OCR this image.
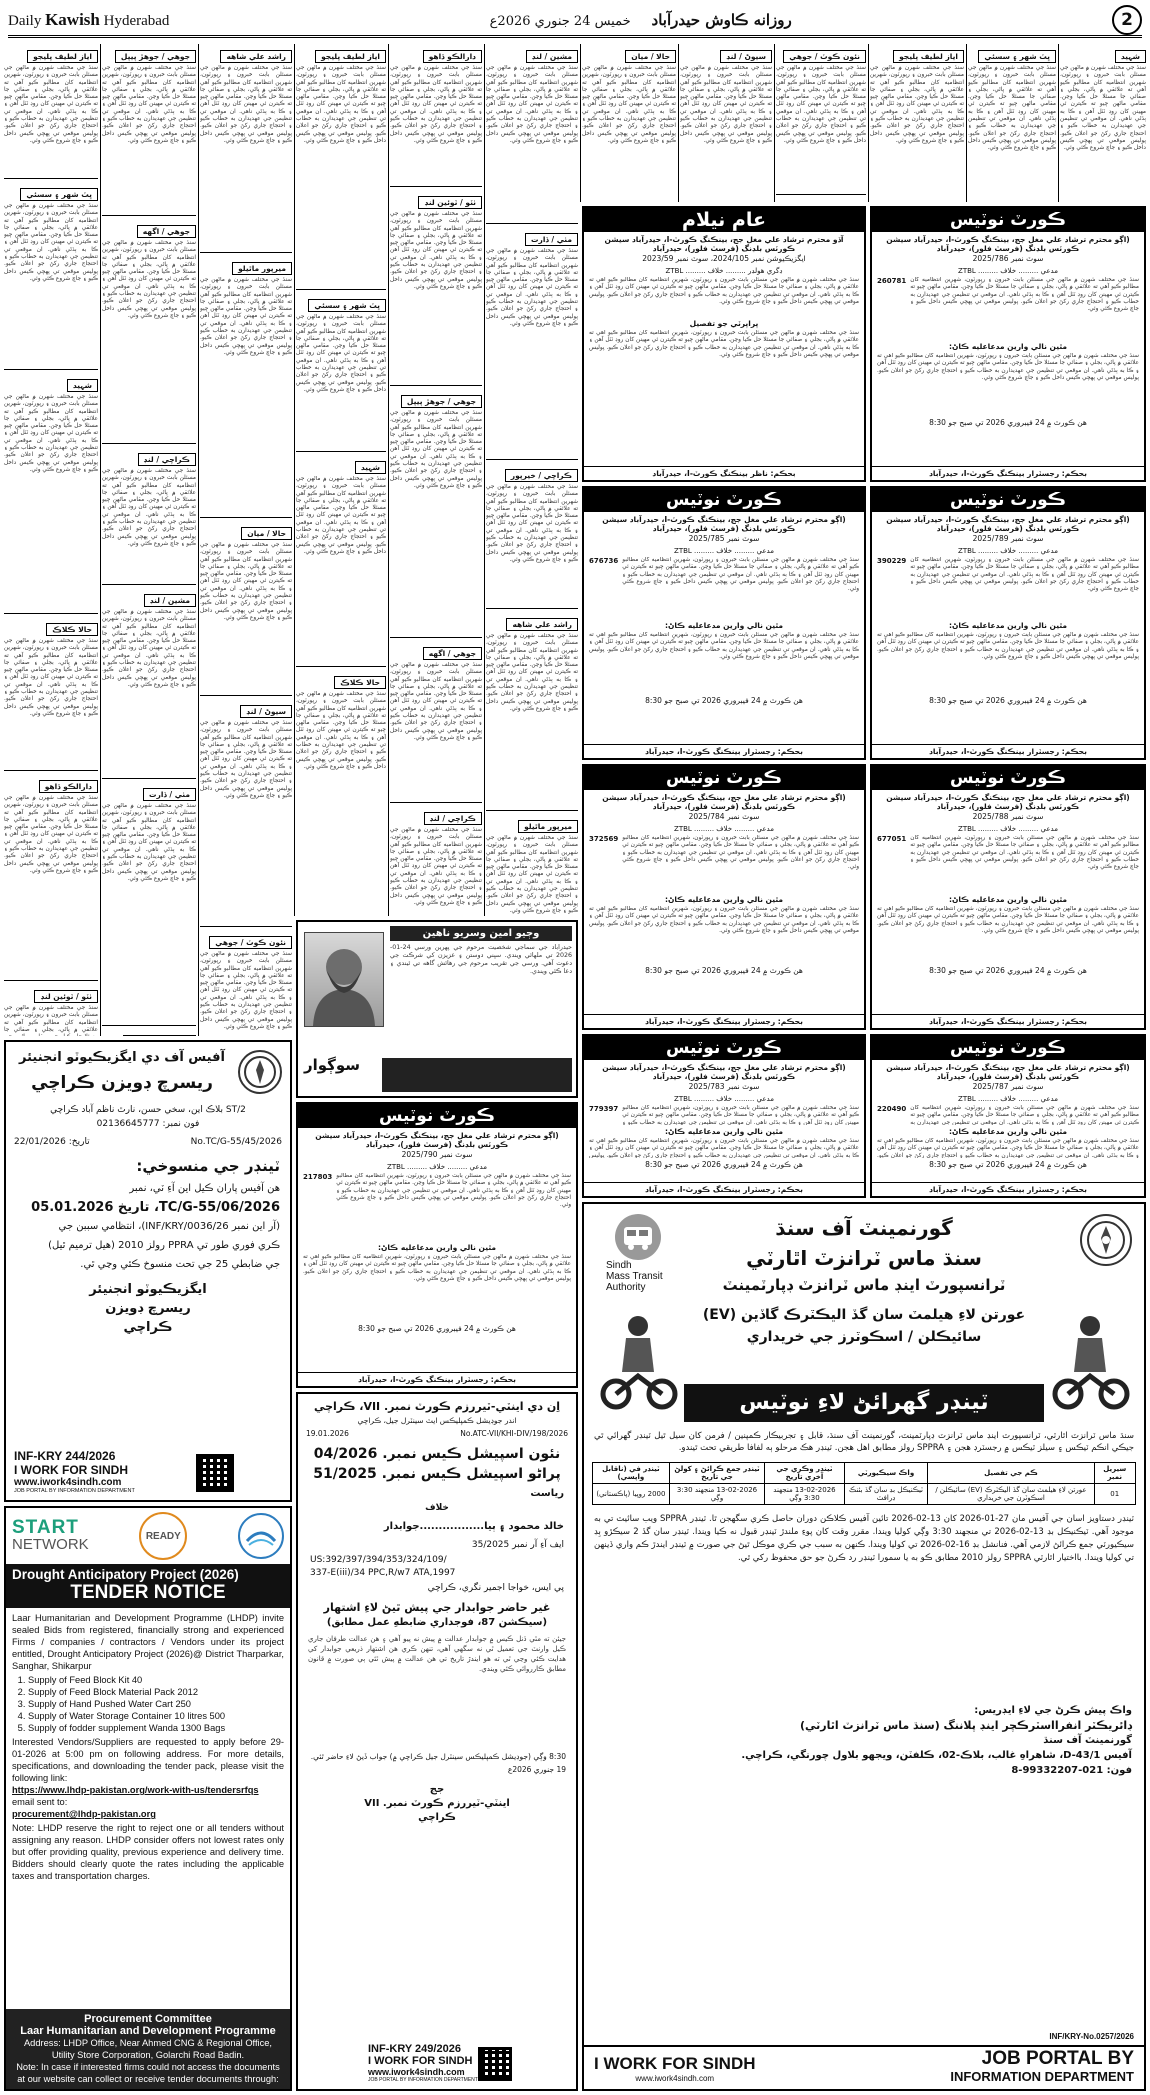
Daily Kawish Hyderabad	روزانه ڪاوش حيدرآباد    خميس 24 جنوري 2026ع	2
اياز لطيف پليجو
سنڌ جي مختلف شهرن ۾ ماڻهن جي مسئلن بابت خبرون ۽ رپورٽون، شهرين انتظاميه کان مطالبو ڪيو آهي ته علائقي ۾ پاڻي، بجلي ۽ صفائي جا مسئلا حل ڪيا وڃن. مقامي ماڻهن چيو ته ڪيترن ئي مهينن کان روڊ ٽٽل آهن ۽ ڪا به ٻڌڻي ناهي. ان موقعي تي تنظيمن جي عهديدارن به خطاب ڪيو ۽ احتجاج جاري رکڻ جو اعلان ڪيو. پوليس موقعي تي پهچي ڪيس داخل ڪيو ۽ جاچ شروع ڪئي وئي.
ڀٽ شهر ۽ سسئي
سنڌ جي مختلف شهرن ۾ ماڻهن جي مسئلن بابت خبرون ۽ رپورٽون، شهرين انتظاميه کان مطالبو ڪيو آهي ته علائقي ۾ پاڻي، بجلي ۽ صفائي جا مسئلا حل ڪيا وڃن. مقامي ماڻهن چيو ته ڪيترن ئي مهينن کان روڊ ٽٽل آهن ۽ ڪا به ٻڌڻي ناهي. ان موقعي تي تنظيمن جي عهديدارن به خطاب ڪيو ۽ احتجاج جاري رکڻ جو اعلان ڪيو. پوليس موقعي تي پهچي ڪيس داخل ڪيو ۽ جاچ شروع ڪئي وئي.
شہيد
سنڌ جي مختلف شهرن ۾ ماڻهن جي مسئلن بابت خبرون ۽ رپورٽون، شهرين انتظاميه کان مطالبو ڪيو آهي ته علائقي ۾ پاڻي، بجلي ۽ صفائي جا مسئلا حل ڪيا وڃن. مقامي ماڻهن چيو ته ڪيترن ئي مهينن کان روڊ ٽٽل آهن ۽ ڪا به ٻڌڻي ناهي. ان موقعي تي تنظيمن جي عهديدارن به خطاب ڪيو ۽ احتجاج جاري رکڻ جو اعلان ڪيو. پوليس موقعي تي پهچي ڪيس داخل ڪيو ۽ جاچ شروع ڪئي وئي.
حالا ڪلاڪ
سنڌ جي مختلف شهرن ۾ ماڻهن جي مسئلن بابت خبرون ۽ رپورٽون، شهرين انتظاميه کان مطالبو ڪيو آهي ته علائقي ۾ پاڻي، بجلي ۽ صفائي جا مسئلا حل ڪيا وڃن. مقامي ماڻهن چيو ته ڪيترن ئي مهينن کان روڊ ٽٽل آهن ۽ ڪا به ٻڌڻي ناهي. ان موقعي تي تنظيمن جي عهديدارن به خطاب ڪيو ۽ احتجاج جاري رکڻ جو اعلان ڪيو. پوليس موقعي تي پهچي ڪيس داخل ڪيو ۽ جاچ شروع ڪئي وئي.
دارالڪو ڏاهو
سنڌ جي مختلف شهرن ۾ ماڻهن جي مسئلن بابت خبرون ۽ رپورٽون، شهرين انتظاميه کان مطالبو ڪيو آهي ته علائقي ۾ پاڻي، بجلي ۽ صفائي جا مسئلا حل ڪيا وڃن. مقامي ماڻهن چيو ته ڪيترن ئي مهينن کان روڊ ٽٽل آهن ۽ ڪا به ٻڌڻي ناهي. ان موقعي تي تنظيمن جي عهديدارن به خطاب ڪيو ۽ احتجاج جاري رکڻ جو اعلان ڪيو. پوليس موقعي تي پهچي ڪيس داخل ڪيو ۽ جاچ شروع ڪئي وئي.
ٺٽو / ٽوئين لنڊ
سنڌ جي مختلف شهرن ۾ ماڻهن جي مسئلن بابت خبرون ۽ رپورٽون، شهرين انتظاميه کان مطالبو ڪيو آهي ته علائقي ۾ پاڻي، بجلي ۽ صفائي جا
جوهي / جوهڙ پيپل
سنڌ جي مختلف شهرن ۾ ماڻهن جي مسئلن بابت خبرون ۽ رپورٽون، شهرين انتظاميه کان مطالبو ڪيو آهي ته علائقي ۾ پاڻي، بجلي ۽ صفائي جا مسئلا حل ڪيا وڃن. مقامي ماڻهن چيو ته ڪيترن ئي مهينن کان روڊ ٽٽل آهن ۽ ڪا به ٻڌڻي ناهي. ان موقعي تي تنظيمن جي عهديدارن به خطاب ڪيو ۽ احتجاج جاري رکڻ جو اعلان ڪيو. پوليس موقعي تي پهچي ڪيس داخل ڪيو ۽ جاچ شروع ڪئي وئي.
جوهي / اگهه
سنڌ جي مختلف شهرن ۾ ماڻهن جي مسئلن بابت خبرون ۽ رپورٽون، شهرين انتظاميه کان مطالبو ڪيو آهي ته علائقي ۾ پاڻي، بجلي ۽ صفائي جا مسئلا حل ڪيا وڃن. مقامي ماڻهن چيو ته ڪيترن ئي مهينن کان روڊ ٽٽل آهن ۽ ڪا به ٻڌڻي ناهي. ان موقعي تي تنظيمن جي عهديدارن به خطاب ڪيو ۽ احتجاج جاري رکڻ جو اعلان ڪيو. پوليس موقعي تي پهچي ڪيس داخل ڪيو ۽ جاچ شروع ڪئي وئي.
ڪراچي / لنڊ
سنڌ جي مختلف شهرن ۾ ماڻهن جي مسئلن بابت خبرون ۽ رپورٽون، شهرين انتظاميه کان مطالبو ڪيو آهي ته علائقي ۾ پاڻي، بجلي ۽ صفائي جا مسئلا حل ڪيا وڃن. مقامي ماڻهن چيو ته ڪيترن ئي مهينن کان روڊ ٽٽل آهن ۽ ڪا به ٻڌڻي ناهي. ان موقعي تي تنظيمن جي عهديدارن به خطاب ڪيو ۽ احتجاج جاري رکڻ جو اعلان ڪيو. پوليس موقعي تي پهچي ڪيس داخل ڪيو ۽ جاچ شروع ڪئي وئي.
مشين / لنڊ
سنڌ جي مختلف شهرن ۾ ماڻهن جي مسئلن بابت خبرون ۽ رپورٽون، شهرين انتظاميه کان مطالبو ڪيو آهي ته علائقي ۾ پاڻي، بجلي ۽ صفائي جا مسئلا حل ڪيا وڃن. مقامي ماڻهن چيو ته ڪيترن ئي مهينن کان روڊ ٽٽل آهن ۽ ڪا به ٻڌڻي ناهي. ان موقعي تي تنظيمن جي عهديدارن به خطاب ڪيو ۽ احتجاج جاري رکڻ جو اعلان ڪيو. پوليس موقعي تي پهچي ڪيس داخل ڪيو ۽ جاچ شروع ڪئي وئي.
مٺي / ڏارت
سنڌ جي مختلف شهرن ۾ ماڻهن جي مسئلن بابت خبرون ۽ رپورٽون، شهرين انتظاميه کان مطالبو ڪيو آهي ته علائقي ۾ پاڻي، بجلي ۽ صفائي جا مسئلا حل ڪيا وڃن. مقامي ماڻهن چيو ته ڪيترن ئي مهينن کان روڊ ٽٽل آهن ۽ ڪا به ٻڌڻي ناهي. ان موقعي تي تنظيمن جي عهديدارن به خطاب ڪيو ۽ احتجاج جاري رکڻ جو اعلان ڪيو. پوليس موقعي تي پهچي ڪيس داخل ڪيو ۽ جاچ شروع ڪئي وئي.
راشد علي شاهه
سنڌ جي مختلف شهرن ۾ ماڻهن جي مسئلن بابت خبرون ۽ رپورٽون، شهرين انتظاميه کان مطالبو ڪيو آهي ته علائقي ۾ پاڻي، بجلي ۽ صفائي جا مسئلا حل ڪيا وڃن. مقامي ماڻهن چيو ته ڪيترن ئي مهينن کان روڊ ٽٽل آهن ۽ ڪا به ٻڌڻي ناهي. ان موقعي تي تنظيمن جي عهديدارن به خطاب ڪيو ۽ احتجاج جاري رکڻ جو اعلان ڪيو. پوليس موقعي تي پهچي ڪيس داخل ڪيو ۽ جاچ شروع ڪئي وئي.
ميرپور ماٿيلو
سنڌ جي مختلف شهرن ۾ ماڻهن جي مسئلن بابت خبرون ۽ رپورٽون، شهرين انتظاميه کان مطالبو ڪيو آهي ته علائقي ۾ پاڻي، بجلي ۽ صفائي جا مسئلا حل ڪيا وڃن. مقامي ماڻهن چيو ته ڪيترن ئي مهينن کان روڊ ٽٽل آهن ۽ ڪا به ٻڌڻي ناهي. ان موقعي تي تنظيمن جي عهديدارن به خطاب ڪيو ۽ احتجاج جاري رکڻ جو اعلان ڪيو. پوليس موقعي تي پهچي ڪيس داخل ڪيو ۽ جاچ شروع ڪئي وئي.
حالا / ميان
سنڌ جي مختلف شهرن ۾ ماڻهن جي مسئلن بابت خبرون ۽ رپورٽون، شهرين انتظاميه کان مطالبو ڪيو آهي ته علائقي ۾ پاڻي، بجلي ۽ صفائي جا مسئلا حل ڪيا وڃن. مقامي ماڻهن چيو ته ڪيترن ئي مهينن کان روڊ ٽٽل آهن ۽ ڪا به ٻڌڻي ناهي. ان موقعي تي تنظيمن جي عهديدارن به خطاب ڪيو ۽ احتجاج جاري رکڻ جو اعلان ڪيو. پوليس موقعي تي پهچي ڪيس داخل ڪيو ۽ جاچ شروع ڪئي وئي.
سيوڻ / لنڊ
سنڌ جي مختلف شهرن ۾ ماڻهن جي مسئلن بابت خبرون ۽ رپورٽون، شهرين انتظاميه کان مطالبو ڪيو آهي ته علائقي ۾ پاڻي، بجلي ۽ صفائي جا مسئلا حل ڪيا وڃن. مقامي ماڻهن چيو ته ڪيترن ئي مهينن کان روڊ ٽٽل آهن ۽ ڪا به ٻڌڻي ناهي. ان موقعي تي تنظيمن جي عهديدارن به خطاب ڪيو ۽ احتجاج جاري رکڻ جو اعلان ڪيو. پوليس موقعي تي پهچي ڪيس داخل ڪيو ۽ جاچ شروع ڪئي وئي.
نئون ڪوٽ / جوهي
سنڌ جي مختلف شهرن ۾ ماڻهن جي مسئلن بابت خبرون ۽ رپورٽون، شهرين انتظاميه کان مطالبو ڪيو آهي ته علائقي ۾ پاڻي، بجلي ۽ صفائي جا مسئلا حل ڪيا وڃن. مقامي ماڻهن چيو ته ڪيترن ئي مهينن کان روڊ ٽٽل آهن ۽ ڪا به ٻڌڻي ناهي. ان موقعي تي تنظيمن جي عهديدارن به خطاب ڪيو ۽ احتجاج جاري رکڻ جو اعلان ڪيو. پوليس موقعي تي پهچي ڪيس داخل ڪيو ۽ جاچ شروع ڪئي وئي.
اياز لطيف پليجو
سنڌ جي مختلف شهرن ۾ ماڻهن جي مسئلن بابت خبرون ۽ رپورٽون، شهرين انتظاميه کان مطالبو ڪيو آهي ته علائقي ۾ پاڻي، بجلي ۽ صفائي جا مسئلا حل ڪيا وڃن. مقامي ماڻهن چيو ته ڪيترن ئي مهينن کان روڊ ٽٽل آهن ۽ ڪا به ٻڌڻي ناهي. ان موقعي تي تنظيمن جي عهديدارن به خطاب ڪيو ۽ احتجاج جاري رکڻ جو اعلان ڪيو. پوليس موقعي تي پهچي ڪيس داخل ڪيو ۽ جاچ شروع ڪئي وئي.
ڀٽ شهر ۽ سسئي
سنڌ جي مختلف شهرن ۾ ماڻهن جي مسئلن بابت خبرون ۽ رپورٽون، شهرين انتظاميه کان مطالبو ڪيو آهي ته علائقي ۾ پاڻي، بجلي ۽ صفائي جا مسئلا حل ڪيا وڃن. مقامي ماڻهن چيو ته ڪيترن ئي مهينن کان روڊ ٽٽل آهن ۽ ڪا به ٻڌڻي ناهي. ان موقعي تي تنظيمن جي عهديدارن به خطاب ڪيو ۽ احتجاج جاري رکڻ جو اعلان ڪيو. پوليس موقعي تي پهچي ڪيس داخل ڪيو ۽ جاچ شروع ڪئي وئي.
شہيد
سنڌ جي مختلف شهرن ۾ ماڻهن جي مسئلن بابت خبرون ۽ رپورٽون، شهرين انتظاميه کان مطالبو ڪيو آهي ته علائقي ۾ پاڻي، بجلي ۽ صفائي جا مسئلا حل ڪيا وڃن. مقامي ماڻهن چيو ته ڪيترن ئي مهينن کان روڊ ٽٽل آهن ۽ ڪا به ٻڌڻي ناهي. ان موقعي تي تنظيمن جي عهديدارن به خطاب ڪيو ۽ احتجاج جاري رکڻ جو اعلان ڪيو. پوليس موقعي تي پهچي ڪيس داخل ڪيو ۽ جاچ شروع ڪئي وئي.
حالا ڪلاڪ
سنڌ جي مختلف شهرن ۾ ماڻهن جي مسئلن بابت خبرون ۽ رپورٽون، شهرين انتظاميه کان مطالبو ڪيو آهي ته علائقي ۾ پاڻي، بجلي ۽ صفائي جا مسئلا حل ڪيا وڃن. مقامي ماڻهن چيو ته ڪيترن ئي مهينن کان روڊ ٽٽل آهن ۽ ڪا به ٻڌڻي ناهي. ان موقعي تي تنظيمن جي عهديدارن به خطاب ڪيو ۽ احتجاج جاري رکڻ جو اعلان ڪيو. پوليس موقعي تي پهچي ڪيس داخل ڪيو ۽ جاچ شروع ڪئي وئي.
دارالڪو ڏاهو
سنڌ جي مختلف شهرن ۾ ماڻهن جي مسئلن بابت خبرون ۽ رپورٽون، شهرين انتظاميه کان مطالبو ڪيو آهي ته علائقي ۾ پاڻي، بجلي ۽ صفائي جا مسئلا حل ڪيا وڃن. مقامي ماڻهن چيو ته ڪيترن ئي مهينن کان روڊ ٽٽل آهن ۽ ڪا به ٻڌڻي ناهي. ان موقعي تي تنظيمن جي عهديدارن به خطاب ڪيو ۽ احتجاج جاري رکڻ جو اعلان ڪيو. پوليس موقعي تي پهچي ڪيس داخل ڪيو ۽ جاچ شروع ڪئي وئي.
ٺٽو / ٽوئين لنڊ
سنڌ جي مختلف شهرن ۾ ماڻهن جي مسئلن بابت خبرون ۽ رپورٽون، شهرين انتظاميه کان مطالبو ڪيو آهي ته علائقي ۾ پاڻي، بجلي ۽ صفائي جا مسئلا حل ڪيا وڃن. مقامي ماڻهن چيو ته ڪيترن ئي مهينن کان روڊ ٽٽل آهن ۽ ڪا به ٻڌڻي ناهي. ان موقعي تي تنظيمن جي عهديدارن به خطاب ڪيو ۽ احتجاج جاري رکڻ جو اعلان ڪيو. پوليس موقعي تي پهچي ڪيس داخل ڪيو ۽ جاچ شروع ڪئي وئي.
جوهي / جوهڙ پيپل
سنڌ جي مختلف شهرن ۾ ماڻهن جي مسئلن بابت خبرون ۽ رپورٽون، شهرين انتظاميه کان مطالبو ڪيو آهي ته علائقي ۾ پاڻي، بجلي ۽ صفائي جا مسئلا حل ڪيا وڃن. مقامي ماڻهن چيو ته ڪيترن ئي مهينن کان روڊ ٽٽل آهن ۽ ڪا به ٻڌڻي ناهي. ان موقعي تي تنظيمن جي عهديدارن به خطاب ڪيو ۽ احتجاج جاري رکڻ جو اعلان ڪيو. پوليس موقعي تي پهچي ڪيس داخل ڪيو ۽ جاچ شروع ڪئي وئي.
جوهي / اگهه
سنڌ جي مختلف شهرن ۾ ماڻهن جي مسئلن بابت خبرون ۽ رپورٽون، شهرين انتظاميه کان مطالبو ڪيو آهي ته علائقي ۾ پاڻي، بجلي ۽ صفائي جا مسئلا حل ڪيا وڃن. مقامي ماڻهن چيو ته ڪيترن ئي مهينن کان روڊ ٽٽل آهن ۽ ڪا به ٻڌڻي ناهي. ان موقعي تي تنظيمن جي عهديدارن به خطاب ڪيو ۽ احتجاج جاري رکڻ جو اعلان ڪيو. پوليس موقعي تي پهچي ڪيس داخل ڪيو ۽ جاچ شروع ڪئي وئي.
ڪراچي / لنڊ
سنڌ جي مختلف شهرن ۾ ماڻهن جي مسئلن بابت خبرون ۽ رپورٽون، شهرين انتظاميه کان مطالبو ڪيو آهي ته علائقي ۾ پاڻي، بجلي ۽ صفائي جا مسئلا حل ڪيا وڃن. مقامي ماڻهن چيو ته ڪيترن ئي مهينن کان روڊ ٽٽل آهن ۽ ڪا به ٻڌڻي ناهي. ان موقعي تي تنظيمن جي عهديدارن به خطاب ڪيو ۽ احتجاج جاري رکڻ جو اعلان ڪيو. پوليس موقعي تي پهچي ڪيس داخل ڪيو ۽ جاچ شروع ڪئي وئي.
مشين / لنڊ
سنڌ جي مختلف شهرن ۾ ماڻهن جي مسئلن بابت خبرون ۽ رپورٽون، شهرين انتظاميه کان مطالبو ڪيو آهي ته علائقي ۾ پاڻي، بجلي ۽ صفائي جا مسئلا حل ڪيا وڃن. مقامي ماڻهن چيو ته ڪيترن ئي مهينن کان روڊ ٽٽل آهن ۽ ڪا به ٻڌڻي ناهي. ان موقعي تي تنظيمن جي عهديدارن به خطاب ڪيو ۽ احتجاج جاري رکڻ جو اعلان ڪيو. پوليس موقعي تي پهچي ڪيس داخل ڪيو ۽ جاچ شروع ڪئي وئي.
مٺي / ڏارت
سنڌ جي مختلف شهرن ۾ ماڻهن جي مسئلن بابت خبرون ۽ رپورٽون، شهرين انتظاميه کان مطالبو ڪيو آهي ته علائقي ۾ پاڻي، بجلي ۽ صفائي جا مسئلا حل ڪيا وڃن. مقامي ماڻهن چيو ته ڪيترن ئي مهينن کان روڊ ٽٽل آهن ۽ ڪا به ٻڌڻي ناهي. ان موقعي تي تنظيمن جي عهديدارن به خطاب ڪيو ۽ احتجاج جاري رکڻ جو اعلان ڪيو. پوليس موقعي تي پهچي ڪيس داخل ڪيو ۽ جاچ شروع ڪئي وئي.
ڪراچي / خيرپور
سنڌ جي مختلف شهرن ۾ ماڻهن جي مسئلن بابت خبرون ۽ رپورٽون، شهرين انتظاميه کان مطالبو ڪيو آهي ته علائقي ۾ پاڻي، بجلي ۽ صفائي جا مسئلا حل ڪيا وڃن. مقامي ماڻهن چيو ته ڪيترن ئي مهينن کان روڊ ٽٽل آهن ۽ ڪا به ٻڌڻي ناهي. ان موقعي تي تنظيمن جي عهديدارن به خطاب ڪيو ۽ احتجاج جاري رکڻ جو اعلان ڪيو. پوليس موقعي تي پهچي ڪيس داخل ڪيو ۽ جاچ شروع ڪئي وئي.
راشد علي شاهه
سنڌ جي مختلف شهرن ۾ ماڻهن جي مسئلن بابت خبرون ۽ رپورٽون، شهرين انتظاميه کان مطالبو ڪيو آهي ته علائقي ۾ پاڻي، بجلي ۽ صفائي جا مسئلا حل ڪيا وڃن. مقامي ماڻهن چيو ته ڪيترن ئي مهينن کان روڊ ٽٽل آهن ۽ ڪا به ٻڌڻي ناهي. ان موقعي تي تنظيمن جي عهديدارن به خطاب ڪيو ۽ احتجاج جاري رکڻ جو اعلان ڪيو. پوليس موقعي تي پهچي ڪيس داخل ڪيو ۽ جاچ شروع ڪئي وئي.
ميرپور ماٿيلو
سنڌ جي مختلف شهرن ۾ ماڻهن جي مسئلن بابت خبرون ۽ رپورٽون، شهرين انتظاميه کان مطالبو ڪيو آهي ته علائقي ۾ پاڻي، بجلي ۽ صفائي جا مسئلا حل ڪيا وڃن. مقامي ماڻهن چيو ته ڪيترن ئي مهينن کان روڊ ٽٽل آهن ۽ ڪا به ٻڌڻي ناهي. ان موقعي تي تنظيمن جي عهديدارن به خطاب ڪيو ۽ احتجاج جاري رکڻ جو اعلان ڪيو. پوليس موقعي تي پهچي ڪيس داخل ڪيو ۽ جاچ شروع ڪئي وئي.
حالا / ميان
سنڌ جي مختلف شهرن ۾ ماڻهن جي مسئلن بابت خبرون ۽ رپورٽون، شهرين انتظاميه کان مطالبو ڪيو آهي ته علائقي ۾ پاڻي، بجلي ۽ صفائي جا مسئلا حل ڪيا وڃن. مقامي ماڻهن چيو ته ڪيترن ئي مهينن کان روڊ ٽٽل آهن ۽ ڪا به ٻڌڻي ناهي. ان موقعي تي تنظيمن جي عهديدارن به خطاب ڪيو ۽ احتجاج جاري رکڻ جو اعلان ڪيو. پوليس موقعي تي پهچي ڪيس داخل ڪيو ۽ جاچ شروع ڪئي وئي.
سيوڻ / لنڊ
سنڌ جي مختلف شهرن ۾ ماڻهن جي مسئلن بابت خبرون ۽ رپورٽون، شهرين انتظاميه کان مطالبو ڪيو آهي ته علائقي ۾ پاڻي، بجلي ۽ صفائي جا مسئلا حل ڪيا وڃن. مقامي ماڻهن چيو ته ڪيترن ئي مهينن کان روڊ ٽٽل آهن ۽ ڪا به ٻڌڻي ناهي. ان موقعي تي تنظيمن جي عهديدارن به خطاب ڪيو ۽ احتجاج جاري رکڻ جو اعلان ڪيو. پوليس موقعي تي پهچي ڪيس داخل ڪيو ۽ جاچ شروع ڪئي وئي.
نئون ڪوٽ / جوهي
سنڌ جي مختلف شهرن ۾ ماڻهن جي مسئلن بابت خبرون ۽ رپورٽون، شهرين انتظاميه کان مطالبو ڪيو آهي ته علائقي ۾ پاڻي، بجلي ۽ صفائي جا مسئلا حل ڪيا وڃن. مقامي ماڻهن چيو ته ڪيترن ئي مهينن کان روڊ ٽٽل آهن ۽ ڪا به ٻڌڻي ناهي. ان موقعي تي تنظيمن جي عهديدارن به خطاب ڪيو ۽ احتجاج جاري رکڻ جو اعلان ڪيو. پوليس موقعي تي پهچي ڪيس داخل ڪيو ۽ جاچ شروع ڪئي وئي.
اياز لطيف پليجو
سنڌ جي مختلف شهرن ۾ ماڻهن جي مسئلن بابت خبرون ۽ رپورٽون، شهرين انتظاميه کان مطالبو ڪيو آهي ته علائقي ۾ پاڻي، بجلي ۽ صفائي جا مسئلا حل ڪيا وڃن. مقامي ماڻهن چيو ته ڪيترن ئي مهينن کان روڊ ٽٽل آهن ۽ ڪا به ٻڌڻي ناهي. ان موقعي تي تنظيمن جي عهديدارن به خطاب ڪيو ۽ احتجاج جاري رکڻ جو اعلان ڪيو. پوليس موقعي تي پهچي ڪيس داخل ڪيو ۽ جاچ شروع ڪئي وئي.
ڀٽ شهر ۽ سسئي
سنڌ جي مختلف شهرن ۾ ماڻهن جي مسئلن بابت خبرون ۽ رپورٽون، شهرين انتظاميه کان مطالبو ڪيو آهي ته علائقي ۾ پاڻي، بجلي ۽ صفائي جا مسئلا حل ڪيا وڃن. مقامي ماڻهن چيو ته ڪيترن ئي مهينن کان روڊ ٽٽل آهن ۽ ڪا به ٻڌڻي ناهي. ان موقعي تي تنظيمن جي عهديدارن به خطاب ڪيو ۽ احتجاج جاري رکڻ جو اعلان ڪيو. پوليس موقعي تي پهچي ڪيس داخل ڪيو ۽ جاچ شروع ڪئي وئي.
شہيد
سنڌ جي مختلف شهرن ۾ ماڻهن جي مسئلن بابت خبرون ۽ رپورٽون، شهرين انتظاميه کان مطالبو ڪيو آهي ته علائقي ۾ پاڻي، بجلي ۽ صفائي جا مسئلا حل ڪيا وڃن. مقامي ماڻهن چيو ته ڪيترن ئي مهينن کان روڊ ٽٽل آهن ۽ ڪا به ٻڌڻي ناهي. ان موقعي تي تنظيمن جي عهديدارن به خطاب ڪيو ۽ احتجاج جاري رکڻ جو اعلان ڪيو. پوليس موقعي تي پهچي ڪيس داخل ڪيو ۽ جاچ شروع ڪئي وئي.
وڄيو امين وسريو ناهين
حيدرآباد جي سماجي شخصيت مرحوم جي پهرين ورسي 24-01-2026 تي ملهائي ويندي. سڀني دوستن ۽ عزيزن کي شرڪت جي دعوت آهي. ورسي جي تقريب مرحوم جي رهائش گاهه تي ٿيندي ۽ دعا ڪئي ويندي.
سوڳوار
ڪورٽ نوٽيس
(اڳو محترم ترشاد علي مغل جج، بينڪنگ ڪورٽ-I، حيدرآباد سيشن ڪورٽس بلڊنگ (فرسٽ فلور)، حيدرآباد
سوٽ نمبر 2025/786
ZTBL ......... مدعي ......... خلاف
260781 سنڌ جي مختلف شهرن ۾ ماڻهن جي مسئلن بابت خبرون ۽ رپورٽون، شهرين انتظاميه کان مطالبو ڪيو آهي ته علائقي ۾ پاڻي، بجلي ۽ صفائي جا مسئلا حل ڪيا وڃن. مقامي ماڻهن چيو ته ڪيترن ئي مهينن کان روڊ ٽٽل آهن ۽ ڪا به ٻڌڻي ناهي. ان موقعي تي تنظيمن جي عهديدارن به خطاب ڪيو ۽ احتجاج جاري رکڻ جو اعلان ڪيو. پوليس موقعي تي پهچي ڪيس داخل ڪيو ۽ جاچ شروع ڪئي وئي.
مٿين نالي وارين مدعاعليه ڪاڻ:
سنڌ جي مختلف شهرن ۾ ماڻهن جي مسئلن بابت خبرون ۽ رپورٽون، شهرين انتظاميه کان مطالبو ڪيو آهي ته علائقي ۾ پاڻي، بجلي ۽ صفائي جا مسئلا حل ڪيا وڃن. مقامي ماڻهن چيو ته ڪيترن ئي مهينن کان روڊ ٽٽل آهن ۽ ڪا به ٻڌڻي ناهي. ان موقعي تي تنظيمن جي عهديدارن به خطاب ڪيو ۽ احتجاج جاري رکڻ جو اعلان ڪيو. پوليس موقعي تي پهچي ڪيس داخل ڪيو ۽ جاچ شروع ڪئي وئي.
هن ڪورٽ ۾ 24 فيبروري 2026 تي صبح جو 8:30
بحڪم: رجسٽرار بينڪنگ ڪورٽ-I، حيدرآباد
ڪورٽ نوٽيس
(اڳو محترم ترشاد علي مغل جج، بينڪنگ ڪورٽ-I، حيدرآباد سيشن ڪورٽس بلڊنگ (فرسٽ فلور)، حيدرآباد
سوٽ نمبر 2025/789
ZTBL ......... مدعي ......... خلاف
390229 سنڌ جي مختلف شهرن ۾ ماڻهن جي مسئلن بابت خبرون ۽ رپورٽون، شهرين انتظاميه کان مطالبو ڪيو آهي ته علائقي ۾ پاڻي، بجلي ۽ صفائي جا مسئلا حل ڪيا وڃن. مقامي ماڻهن چيو ته ڪيترن ئي مهينن کان روڊ ٽٽل آهن ۽ ڪا به ٻڌڻي ناهي. ان موقعي تي تنظيمن جي عهديدارن به خطاب ڪيو ۽ احتجاج جاري رکڻ جو اعلان ڪيو. پوليس موقعي تي پهچي ڪيس داخل ڪيو ۽ جاچ شروع ڪئي وئي.
مٿين نالي وارين مدعاعليه ڪاڻ:
سنڌ جي مختلف شهرن ۾ ماڻهن جي مسئلن بابت خبرون ۽ رپورٽون، شهرين انتظاميه کان مطالبو ڪيو آهي ته علائقي ۾ پاڻي، بجلي ۽ صفائي جا مسئلا حل ڪيا وڃن. مقامي ماڻهن چيو ته ڪيترن ئي مهينن کان روڊ ٽٽل آهن ۽ ڪا به ٻڌڻي ناهي. ان موقعي تي تنظيمن جي عهديدارن به خطاب ڪيو ۽ احتجاج جاري رکڻ جو اعلان ڪيو. پوليس موقعي تي پهچي ڪيس داخل ڪيو ۽ جاچ شروع ڪئي وئي.
هن ڪورٽ ۾ 24 فيبروري 2026 تي صبح جو 8:30
بحڪم: رجسٽرار بينڪنگ ڪورٽ-I، حيدرآباد
ڪورٽ نوٽيس
(اڳو محترم ترشاد علي مغل جج، بينڪنگ ڪورٽ-I، حيدرآباد سيشن ڪورٽس بلڊنگ (فرسٽ فلور)، حيدرآباد
سوٽ نمبر 2025/785
ZTBL ......... مدعي ......... خلاف
676736 سنڌ جي مختلف شهرن ۾ ماڻهن جي مسئلن بابت خبرون ۽ رپورٽون، شهرين انتظاميه کان مطالبو ڪيو آهي ته علائقي ۾ پاڻي، بجلي ۽ صفائي جا مسئلا حل ڪيا وڃن. مقامي ماڻهن چيو ته ڪيترن ئي مهينن کان روڊ ٽٽل آهن ۽ ڪا به ٻڌڻي ناهي. ان موقعي تي تنظيمن جي عهديدارن به خطاب ڪيو ۽ احتجاج جاري رکڻ جو اعلان ڪيو. پوليس موقعي تي پهچي ڪيس داخل ڪيو ۽ جاچ شروع ڪئي وئي.
مٿين نالي وارين مدعاعليه ڪاڻ:
سنڌ جي مختلف شهرن ۾ ماڻهن جي مسئلن بابت خبرون ۽ رپورٽون، شهرين انتظاميه کان مطالبو ڪيو آهي ته علائقي ۾ پاڻي، بجلي ۽ صفائي جا مسئلا حل ڪيا وڃن. مقامي ماڻهن چيو ته ڪيترن ئي مهينن کان روڊ ٽٽل آهن ۽ ڪا به ٻڌڻي ناهي. ان موقعي تي تنظيمن جي عهديدارن به خطاب ڪيو ۽ احتجاج جاري رکڻ جو اعلان ڪيو. پوليس موقعي تي پهچي ڪيس داخل ڪيو ۽ جاچ شروع ڪئي وئي.
هن ڪورٽ ۾ 24 فيبروري 2026 تي صبح جو 8:30
بحڪم: رجسٽرار بينڪنگ ڪورٽ-I، حيدرآباد
ڪورٽ نوٽيس
(اڳو محترم ترشاد علي مغل جج، بينڪنگ ڪورٽ-I، حيدرآباد سيشن ڪورٽس بلڊنگ (فرسٽ فلور)، حيدرآباد
سوٽ نمبر 2025/788
ZTBL ......... مدعي ......... خلاف
677051 سنڌ جي مختلف شهرن ۾ ماڻهن جي مسئلن بابت خبرون ۽ رپورٽون، شهرين انتظاميه کان مطالبو ڪيو آهي ته علائقي ۾ پاڻي، بجلي ۽ صفائي جا مسئلا حل ڪيا وڃن. مقامي ماڻهن چيو ته ڪيترن ئي مهينن کان روڊ ٽٽل آهن ۽ ڪا به ٻڌڻي ناهي. ان موقعي تي تنظيمن جي عهديدارن به خطاب ڪيو ۽ احتجاج جاري رکڻ جو اعلان ڪيو. پوليس موقعي تي پهچي ڪيس داخل ڪيو ۽ جاچ شروع ڪئي وئي.
مٿين نالي وارين مدعاعليه ڪاڻ:
سنڌ جي مختلف شهرن ۾ ماڻهن جي مسئلن بابت خبرون ۽ رپورٽون، شهرين انتظاميه کان مطالبو ڪيو آهي ته علائقي ۾ پاڻي، بجلي ۽ صفائي جا مسئلا حل ڪيا وڃن. مقامي ماڻهن چيو ته ڪيترن ئي مهينن کان روڊ ٽٽل آهن ۽ ڪا به ٻڌڻي ناهي. ان موقعي تي تنظيمن جي عهديدارن به خطاب ڪيو ۽ احتجاج جاري رکڻ جو اعلان ڪيو. پوليس موقعي تي پهچي ڪيس داخل ڪيو ۽ جاچ شروع ڪئي وئي.
هن ڪورٽ ۾ 24 فيبروري 2026 تي صبح جو 8:30
بحڪم: رجسٽرار بينڪنگ ڪورٽ-I، حيدرآباد
ڪورٽ نوٽيس
(اڳو محترم ترشاد علي مغل جج، بينڪنگ ڪورٽ-I، حيدرآباد سيشن ڪورٽس بلڊنگ (فرسٽ فلور)، حيدرآباد
سوٽ نمبر 2025/784
ZTBL ......... مدعي ......... خلاف
372569 سنڌ جي مختلف شهرن ۾ ماڻهن جي مسئلن بابت خبرون ۽ رپورٽون، شهرين انتظاميه کان مطالبو ڪيو آهي ته علائقي ۾ پاڻي، بجلي ۽ صفائي جا مسئلا حل ڪيا وڃن. مقامي ماڻهن چيو ته ڪيترن ئي مهينن کان روڊ ٽٽل آهن ۽ ڪا به ٻڌڻي ناهي. ان موقعي تي تنظيمن جي عهديدارن به خطاب ڪيو ۽ احتجاج جاري رکڻ جو اعلان ڪيو. پوليس موقعي تي پهچي ڪيس داخل ڪيو ۽ جاچ شروع ڪئي وئي.
مٿين نالي وارين مدعاعليه ڪاڻ:
سنڌ جي مختلف شهرن ۾ ماڻهن جي مسئلن بابت خبرون ۽ رپورٽون، شهرين انتظاميه کان مطالبو ڪيو آهي ته علائقي ۾ پاڻي، بجلي ۽ صفائي جا مسئلا حل ڪيا وڃن. مقامي ماڻهن چيو ته ڪيترن ئي مهينن کان روڊ ٽٽل آهن ۽ ڪا به ٻڌڻي ناهي. ان موقعي تي تنظيمن جي عهديدارن به خطاب ڪيو ۽ احتجاج جاري رکڻ جو اعلان ڪيو. پوليس موقعي تي پهچي ڪيس داخل ڪيو ۽ جاچ شروع ڪئي وئي.
هن ڪورٽ ۾ 24 فيبروري 2026 تي صبح جو 8:30
بحڪم: رجسٽرار بينڪنگ ڪورٽ-I، حيدرآباد
ڪورٽ نوٽيس
(اڳو محترم ترشاد علي مغل جج، بينڪنگ ڪورٽ-I، حيدرآباد سيشن ڪورٽس بلڊنگ (فرسٽ فلور)، حيدرآباد
سوٽ نمبر 2025/787
ZTBL ......... مدعي ......... خلاف
220490	سنڌ جي مختلف شهرن ۾ ماڻهن جي مسئلن بابت خبرون ۽ رپورٽون، شهرين انتظاميه کان مطالبو ڪيو آهي ته علائقي ۾ پاڻي، بجلي ۽ صفائي جا مسئلا حل ڪيا وڃن. مقامي ماڻهن چيو ته ڪيترن ئي مهينن کان روڊ ٽٽل آهن ۽ ڪا به ٻڌڻي ناهي. ان موقعي تي تنظيمن جي عهديدارن به
مٿين نالي وارين مدعاعليه ڪاڻ:
سنڌ جي مختلف شهرن ۾ ماڻهن جي مسئلن بابت خبرون ۽ رپورٽون، شهرين انتظاميه کان مطالبو ڪيو آهي ته علائقي ۾ پاڻي، بجلي ۽ صفائي جا مسئلا حل ڪيا وڃن. مقامي ماڻهن چيو ته ڪيترن ئي مهينن کان روڊ ٽٽل آهن ۽ ڪا به ٻڌڻي ناهي. ان موقعي تي تنظيمن جي عهديدارن به خطاب ڪيو ۽ احتجاج جاري رکڻ جو اعلان ڪيو.
هن ڪورٽ ۾ 24 فيبروري 2026 تي صبح جو 8:30
بحڪم: رجسٽرار بينڪنگ ڪورٽ-I، حيدرآباد
ڪورٽ نوٽيس
(اڳو محترم ترشاد علي مغل جج، بينڪنگ ڪورٽ-I، حيدرآباد سيشن ڪورٽس بلڊنگ (فرسٽ فلور)، حيدرآباد
سوٽ نمبر 2025/783
ZTBL ......... مدعي ......... خلاف
779397	سنڌ جي مختلف شهرن ۾ ماڻهن جي مسئلن بابت خبرون ۽ رپورٽون، شهرين انتظاميه کان مطالبو ڪيو آهي ته علائقي ۾ پاڻي، بجلي ۽ صفائي جا مسئلا حل ڪيا وڃن. مقامي ماڻهن چيو ته ڪيترن ئي مهينن کان روڊ ٽٽل آهن ۽ ڪا به ٻڌڻي ناهي. ان موقعي تي تنظيمن جي عهديدارن به خطاب ڪيو ۽
مٿين نالي وارين مدعاعليه ڪاڻ:
سنڌ جي مختلف شهرن ۾ ماڻهن جي مسئلن بابت خبرون ۽ رپورٽون، شهرين انتظاميه کان مطالبو ڪيو آهي ته علائقي ۾ پاڻي، بجلي ۽ صفائي جا مسئلا حل ڪيا وڃن. مقامي ماڻهن چيو ته ڪيترن ئي مهينن کان روڊ ٽٽل آهن ۽ ڪا به ٻڌڻي ناهي. ان موقعي تي تنظيمن جي عهديدارن به خطاب ڪيو ۽ احتجاج جاري رکڻ جو اعلان ڪيو. پوليس
هن ڪورٽ ۾ 24 فيبروري 2026 تي صبح جو 8:30
بحڪم: رجسٽرار بينڪنگ ڪورٽ-I، حيدرآباد
ڪورٽ نوٽيس
(اڳو محترم ترشاد علي مغل جج، بينڪنگ ڪورٽ-I، حيدرآباد سيشن ڪورٽس بلڊنگ (فرسٽ فلور)، حيدرآباد
سوٽ نمبر 2025/790
ZTBL ......... مدعي ......... خلاف
217803 سنڌ جي مختلف شهرن ۾ ماڻهن جي مسئلن بابت خبرون ۽ رپورٽون، شهرين انتظاميه کان مطالبو ڪيو آهي ته علائقي ۾ پاڻي، بجلي ۽ صفائي جا مسئلا حل ڪيا وڃن. مقامي ماڻهن چيو ته ڪيترن ئي مهينن کان روڊ ٽٽل آهن ۽ ڪا به ٻڌڻي ناهي. ان موقعي تي تنظيمن جي عهديدارن به خطاب ڪيو ۽ احتجاج جاري رکڻ جو اعلان ڪيو. پوليس موقعي تي پهچي ڪيس داخل ڪيو ۽ جاچ شروع ڪئي وئي.
مٿين نالي وارين مدعاعليه ڪاڻ:
سنڌ جي مختلف شهرن ۾ ماڻهن جي مسئلن بابت خبرون ۽ رپورٽون، شهرين انتظاميه کان مطالبو ڪيو آهي ته علائقي ۾ پاڻي، بجلي ۽ صفائي جا مسئلا حل ڪيا وڃن. مقامي ماڻهن چيو ته ڪيترن ئي مهينن کان روڊ ٽٽل آهن ۽ ڪا به ٻڌڻي ناهي. ان موقعي تي تنظيمن جي عهديدارن به خطاب ڪيو ۽ احتجاج جاري رکڻ جو اعلان ڪيو. پوليس موقعي تي پهچي ڪيس داخل ڪيو ۽ جاچ شروع ڪئي وئي.
هن ڪورٽ ۾ 24 فيبروري 2026 تي صبح جو 8:30
بحڪم: رجسٽرار بينڪنگ ڪورٽ-I، حيدرآباد
عام نيلام
آڏو محترم ترشاد علي مغل جج، بينڪنگ ڪورٽ-I، حيدرآباد سيشن ڪورٽس بلڊنگ (فرسٽ فلور)، حيدرآباد
ايگزيڪيوشن نمبر 2024/105، سوٽ نمبر 2023/59
ZTBL ......... ڊگري هولڊر ......... خلاف
سنڌ جي مختلف شهرن ۾ ماڻهن جي مسئلن بابت خبرون ۽ رپورٽون، شهرين انتظاميه کان مطالبو ڪيو آهي ته علائقي ۾ پاڻي، بجلي ۽ صفائي جا مسئلا حل ڪيا وڃن. مقامي ماڻهن چيو ته ڪيترن ئي مهينن کان روڊ ٽٽل آهن ۽ ڪا به ٻڌڻي ناهي. ان موقعي تي تنظيمن جي عهديدارن به خطاب ڪيو ۽ احتجاج جاري رکڻ جو اعلان ڪيو. پوليس موقعي تي پهچي ڪيس داخل ڪيو ۽ جاچ شروع ڪئي وئي.
پراپرٽي جو تفصيل
سنڌ جي مختلف شهرن ۾ ماڻهن جي مسئلن بابت خبرون ۽ رپورٽون، شهرين انتظاميه کان مطالبو ڪيو آهي ته علائقي ۾ پاڻي، بجلي ۽ صفائي جا مسئلا حل ڪيا وڃن. مقامي ماڻهن چيو ته ڪيترن ئي مهينن کان روڊ ٽٽل آهن ۽ ڪا به ٻڌڻي ناهي. ان موقعي تي تنظيمن جي عهديدارن به خطاب ڪيو ۽ احتجاج جاري رکڻ جو اعلان ڪيو. پوليس موقعي تي پهچي ڪيس داخل ڪيو ۽ جاچ شروع ڪئي وئي.
بحڪم: ناظر بينڪنگ ڪورٽ-I، حيدرآباد
آفيس آف دي ايگزيڪيوٽو انجنيئر
ريسرچ ڊويزن ڪراچي
ST/2 بلاڪ اين، سخي حسن، نارٿ ناظم آباد ڪراچي
فون نمبر: 02136645777
تاريخ: 22/01/2026	No.TC/G-55/45/2026
ٽينڊر جي منسوخي:
هن آفيس پاران ڪيل اين آءِ ٽي، نمبر
TC/G-55/06/2026، تاريخ 05.01.2026
(آر اين نمبر INF/KRY/0036/26)، انتظامي سببن جي
ڪري فوري طور تي PPRA رولز 2010 (هيل ترميم ٿيل)
جي ضابطي 25 جي تحت منسوخ ڪئي وڃي ٿي.
ايگزيڪيوٽو انجنيئر
ريسرچ ڊويزن
ڪراچي
INF-KRY 244/2026
I WORK FOR SINDH
www.iwork4sindh.com
JOB PORTAL BY INFORMATION DEPARTMENT
START
NETWORK	READY
Drought Anticipatory Project (2026)
TENDER NOTICE
Laar Humanitarian and Development Programme (LHDP) invite sealed Bids from registered, financially strong and experienced Firms / companies / contractors / Vendors under its project entitled, Drought Anticipatory Project (2026)@ District Tharparkar, Sanghar, Shikarpur
1. Supply of Feed Block Kit 40
2. Supply of Feed Block Material Pack 2012
3. Supply of Hand Pushed Water Cart 250
4. Supply of Water Storage Container 10 litres 500
5. Supply of fodder supplement Wanda 1300 Bags
Interested Vendors/Suppliers are requested to apply before 29-01-2026 at 5:00 pm on following address. For more details, specifications, and downloading the tender pack, please visit the following link:
https://www.lhdp-pakistan.org/work-with-us/tendersrfqs
email sent to:
procurement@lhdp-pakistan.org
Note: LHDP reserve the right to reject one or all tenders without assigning any reason. LHDP consider offers not lowest rates only but offer providing quality, previous experience and delivery time. Bidders should clearly quote the rates including the applicable taxes and transportation charges.
Procurement Committee
Laar Humanitarian and Development Programme
Address: LHDP Office, Near Ahmed CNG & Regional Office, Utility Store Corporation, Golarchi Road Badin.
Note: In case if interested firms could not access the documents at our website can collect or receive tender documents through:
اِن دي اينٽي-ٽيررزم ڪورٽ نمبر. VII، ڪراچي
اندر جوڊيشل ڪمپليڪس ايٽ سينٽرل جيل، ڪراچي
19.01.2026	No.ATC-VII/KHI-DIV/198/2026
نئون اسپيشل ڪيس نمبر. 04/2026
پراڻو اسپيشل ڪيس نمبر. 51/2025
رياست
خلاف
خالد محمود ۽ ٻيا.................جوابدار
ايف آءِ آر نمبر 35/2025
US:392/397/394/353/324/109/
337-E(iii)/34 PPC,R/w7 ATA,1997
پي ايس، خواجا اجمير نگري، ڪراچي
غير حاضر جوابدار جي پيش ٿيڻ لاءِ اشتهار
(سيڪشن 87، فوجداري ضابطهِ عمل مطابق)
جيئن ته مٿي ڏنل ڪيس ۾ جوابدار عدالت ۾ پيش نه پيو آهي ۽ هن عدالت طرفان جاري ڪيل وارنٽ جي تعميل ٿي نه سگهي آهي، تنهن ڪري هن اشتهار ذريعي جوابدار کي هدايت ڪئي وڃي ٿي ته هو ايندڙ تاريخ تي هن عدالت ۾ پيش ٿئي ٻي صورت ۾ قانون مطابق ڪارروائي ڪئي ويندي.
8:30 وڳي (جوڊيشل ڪمپليڪس سينٽرل جيل ڪراچي ۾) جواب ڏيڻ لاءِ حاضر ٿئي.
19 جنوري 2026ع
جج
اينٽي-ٽيررزم ڪورٽ نمبر. VII
ڪراچي
INF-KRY 249/2026
I WORK FOR SINDH
www.iwork4sindh.com
JOB PORTAL BY INFORMATION DEPARTMENT
Sindh
Mass Transit
Authority
گورنمينٽ آف سنڌ
سنڌ ماس ٽرانزٽ اٿارٽي
ٽرانسپورٽ اينڊ ماس ٽرانزٽ ڊپارٽمينٽ
عورتن لاءِ هيلمٽ سان گڏ اليڪٽرڪ گاڏين (EV) سائيڪلن / اسڪوٽرز جي خريداري
ٽينڊر گهرائڻ لاءِ نوٽيس
سنڌ ماس ٽرانزٽ اٿارٽي، ٽرانسپورٽ اينڊ ماس ٽرانزٽ ڊپارٽمينٽ، گورنمينٽ آف سنڌ، قابل ۽ تجربيڪار ڪمپنين / فرمن کان سيل ٿيل ٽينڊر گهرائي ٿي جيڪي انڪم ٽيڪس ۽ سيلز ٽيڪس ۾ رجسٽرڊ هجن ۽ SPPRA رولز مطابق اهل هجن. ٽينڊر هڪ مرحلو ٻه لفافا طريقي تحت ٿيندو.
سيريل نمبر	ڪم جي تفصيل	واڪ سيڪيورٽي	ٽينڊر وڪري جي آخري تاريخ	ٽينڊر جمع ڪرائڻ ۽ کولڻ جي تاريخ	ٽينڊر في (ناقابل واپسي)
01	عورتن لاءِ هيلمٽ سان گڏ اليڪٽرڪ (EV) سائيڪلن / اسڪوٽرن جي خريداري	ٽيڪنيڪل بڊ سان گڏ بئنڪ ڊرافٽ	13-02-2026 منجهند 3:30 وڳي	13-02-2026 منجهند 3:30 وڳي	2000 روپيا (پاڪستاني)
ٽينڊر دستاويز اسان جي آفيس مان 27-01-2026 کان 13-02-2026 تائين آفيس ڪلاڪن دوران حاصل ڪري سگهجن ٿا. ٽينڊر SPPRA ويب سائيٽ تي به موجود آهي. ٽيڪنيڪل بڊ 13-02-2026 تي منجهند 3:30 وڳي کوليا ويندا. مقرر وقت کان پوءِ ملندڙ ٽينڊر قبول نه ڪيا ويندا. ٽينڊر سان گڏ 2 سيڪڙو بِڊ سيڪيورٽي جمع ڪرائڻ لازمي آهي. فنانشل بڊ 16-02-2026 تي کوليا ويندا. ڪنهن به سبب جي ڪري موڪل ٿيڻ جي صورت ۾ ٽينڊر ايندڙ ڪم واري ڏينهن تي کوليا ويندا. بااختيار اٿارٽي SPPRA رولز 2010 مطابق ڪو به يا سمورا ٽينڊر رد ڪرڻ جو حق محفوظ رکي ٿي.
واڪ پيش ڪرڻ جي لاءِ ايڊريس:
ڊائريڪٽر انفرااسٽرڪچر اينڊ پلاننگ (سنڌ ماس ٽرانزٽ اٿارٽي)
گورنمينٽ آف سنڌ
آفيس D-43/1، شاهراهِ غالب، بلاڪ-02، ڪلفٽن، ويجهو بلاول چورنگي، ڪراچي.
فون: 021-99332207-8
INF/KRY-No.0257/2026
I WORK FOR SINDH
www.iwork4sindh.com
JOB PORTAL BY
INFORMATION DEPARTMENT
